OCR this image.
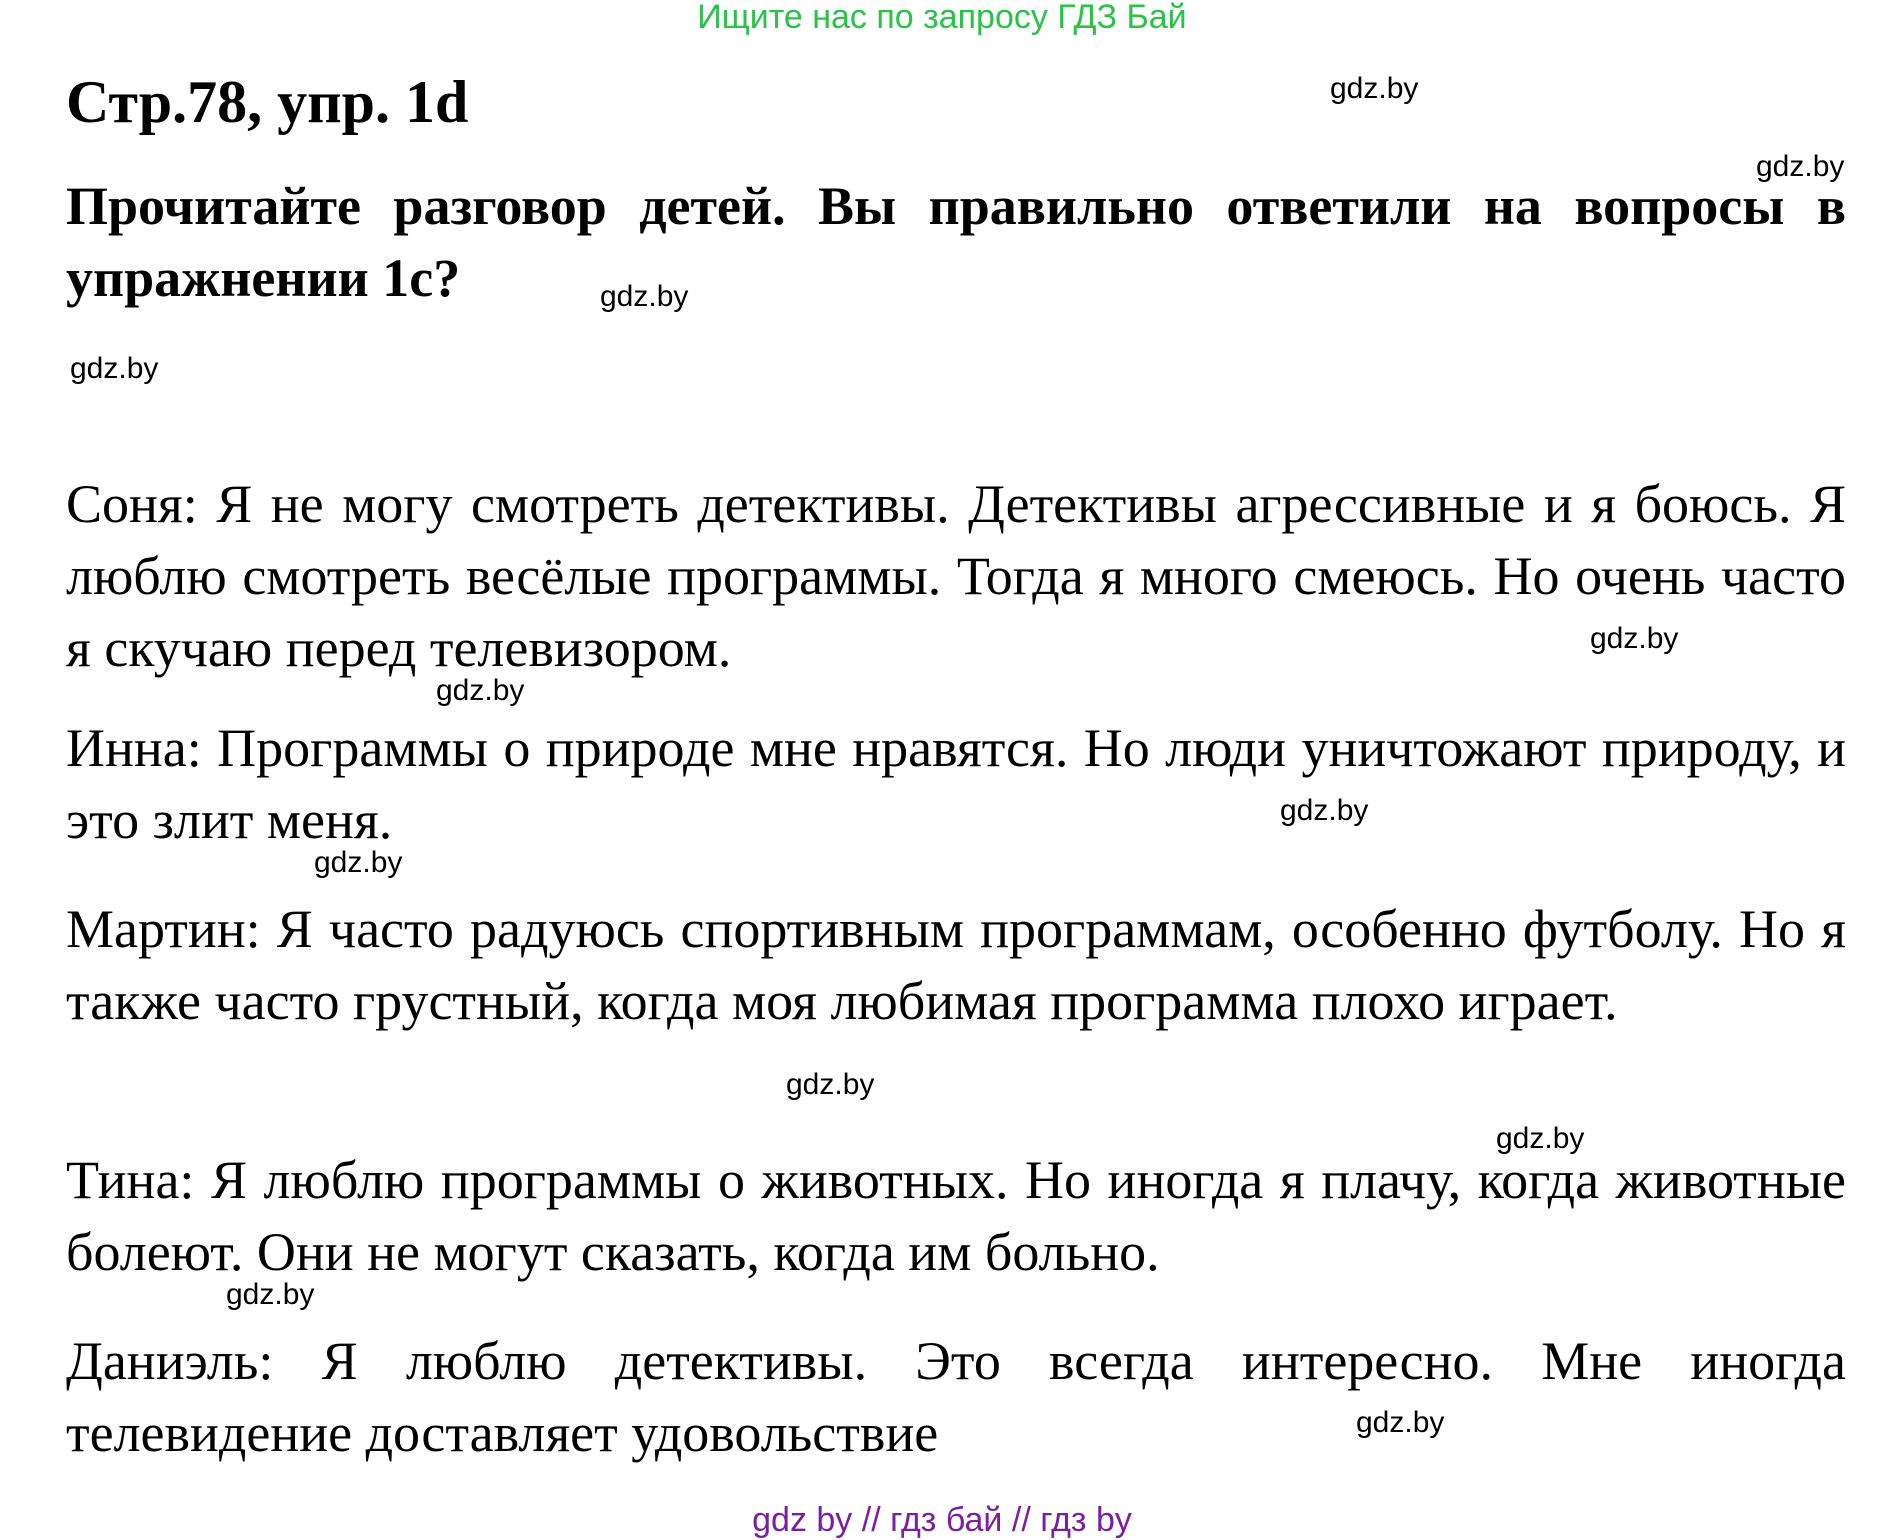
Ищите нас по запросу ГДЗ Бай
Стр.78, упр. 1d

Прочитайте разговор детей. Вы правильно ответили на вопросы в упражнении 1c?

Соня: Я не могу смотреть детективы. Детективы агрессивные и я боюсь. Я люблю смотреть весёлые программы. Тогда я много смеюсь. Но очень часто я скучаю перед телевизором.

Инна: Программы о природе мне нравятся. Но люди уничтожают природу, и это злит меня.

Мартин: Я часто радуюсь спортивным программам, особенно футболу. Но я также часто грустный, когда моя любимая программа плохо играет.

Тина: Я люблю программы о животных. Но иногда я плачу, когда животные болеют. Они не могут сказать, когда им больно.

Даниэль: Я люблю детективы. Это всегда интересно. Мне иногда телевидение доставляет удовольствие

gdz.by
gdz.by
gdz.by
gdz.by
gdz.by
gdz.by
gdz.by
gdz.by
gdz.by
gdz.by
gdz.by
gdz.by
gdz by // гдз бай // гдз by
